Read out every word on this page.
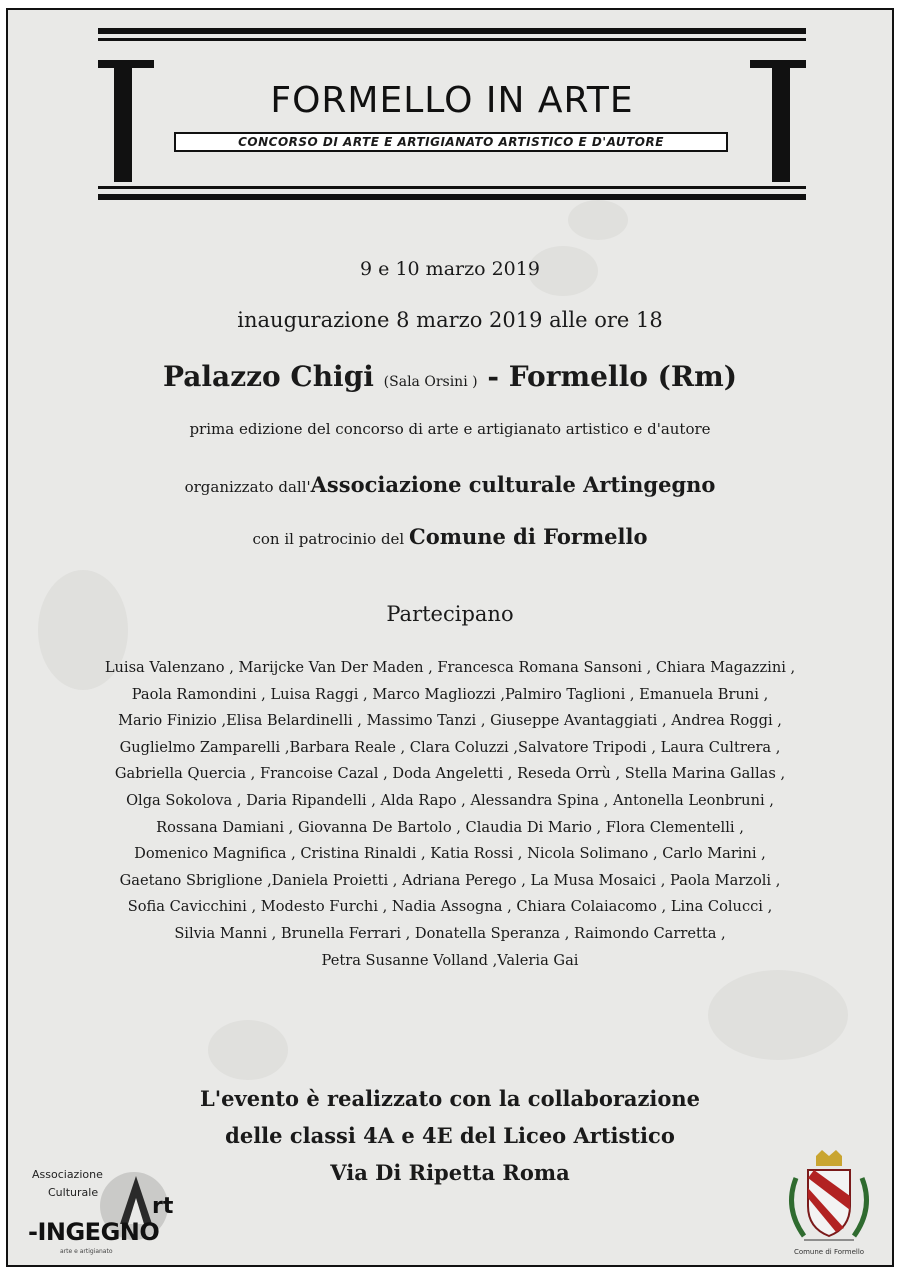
FORMELLO IN ARTE
CONCORSO DI ARTE E ARTIGIANATO ARTISTICO E D'AUTORE
9 e 10 marzo 2019
inaugurazione 8 marzo 2019 alle ore 18
Palazzo Chigi (Sala Orsini ) - Formello (Rm)
prima edizione del concorso di arte e artigianato artistico e d'autore
organizzato dall'Associazione culturale Artingegno
con il patrocinio del Comune di Formello
Partecipano
Luisa Valenzano , Marijcke Van Der Maden , Francesca Romana Sansoni , Chiara Magazzini ,
Paola Ramondini , Luisa Raggi , Marco Magliozzi ,Palmiro Taglioni , Emanuela Bruni ,
Mario Finizio ,Elisa Belardinelli , Massimo Tanzi , Giuseppe Avantaggiati , Andrea Roggi ,
Guglielmo Zamparelli ,Barbara Reale , Clara Coluzzi ,Salvatore Tripodi , Laura Cultrera ,
Gabriella Quercia , Francoise Cazal , Doda Angeletti , Reseda Orrù , Stella Marina Gallas ,
Olga Sokolova , Daria Ripandelli , Alda Rapo , Alessandra Spina , Antonella Leonbruni ,
Rossana Damiani , Giovanna De Bartolo , Claudia Di Mario , Flora Clementelli ,
Domenico Magnifica , Cristina Rinaldi , Katia Rossi , Nicola Solimano , Carlo Marini ,
Gaetano Sbriglione ,Daniela Proietti , Adriana Perego , La Musa Mosaici , Paola Marzoli ,
Sofia Cavicchini , Modesto Furchi , Nadia Assogna , Chiara Colaiacomo , Lina Colucci ,
Silvia Manni , Brunella Ferrari , Donatella Speranza , Raimondo Carretta ,
Petra Susanne Volland ,Valeria Gai
L'evento è realizzato con la collaborazione
delle classi 4A e 4E del Liceo Artistico
Via Di Ripetta Roma
Associazione
Culturale
rt
-INGEGNO
arte e artigianato	Comune di Formello
